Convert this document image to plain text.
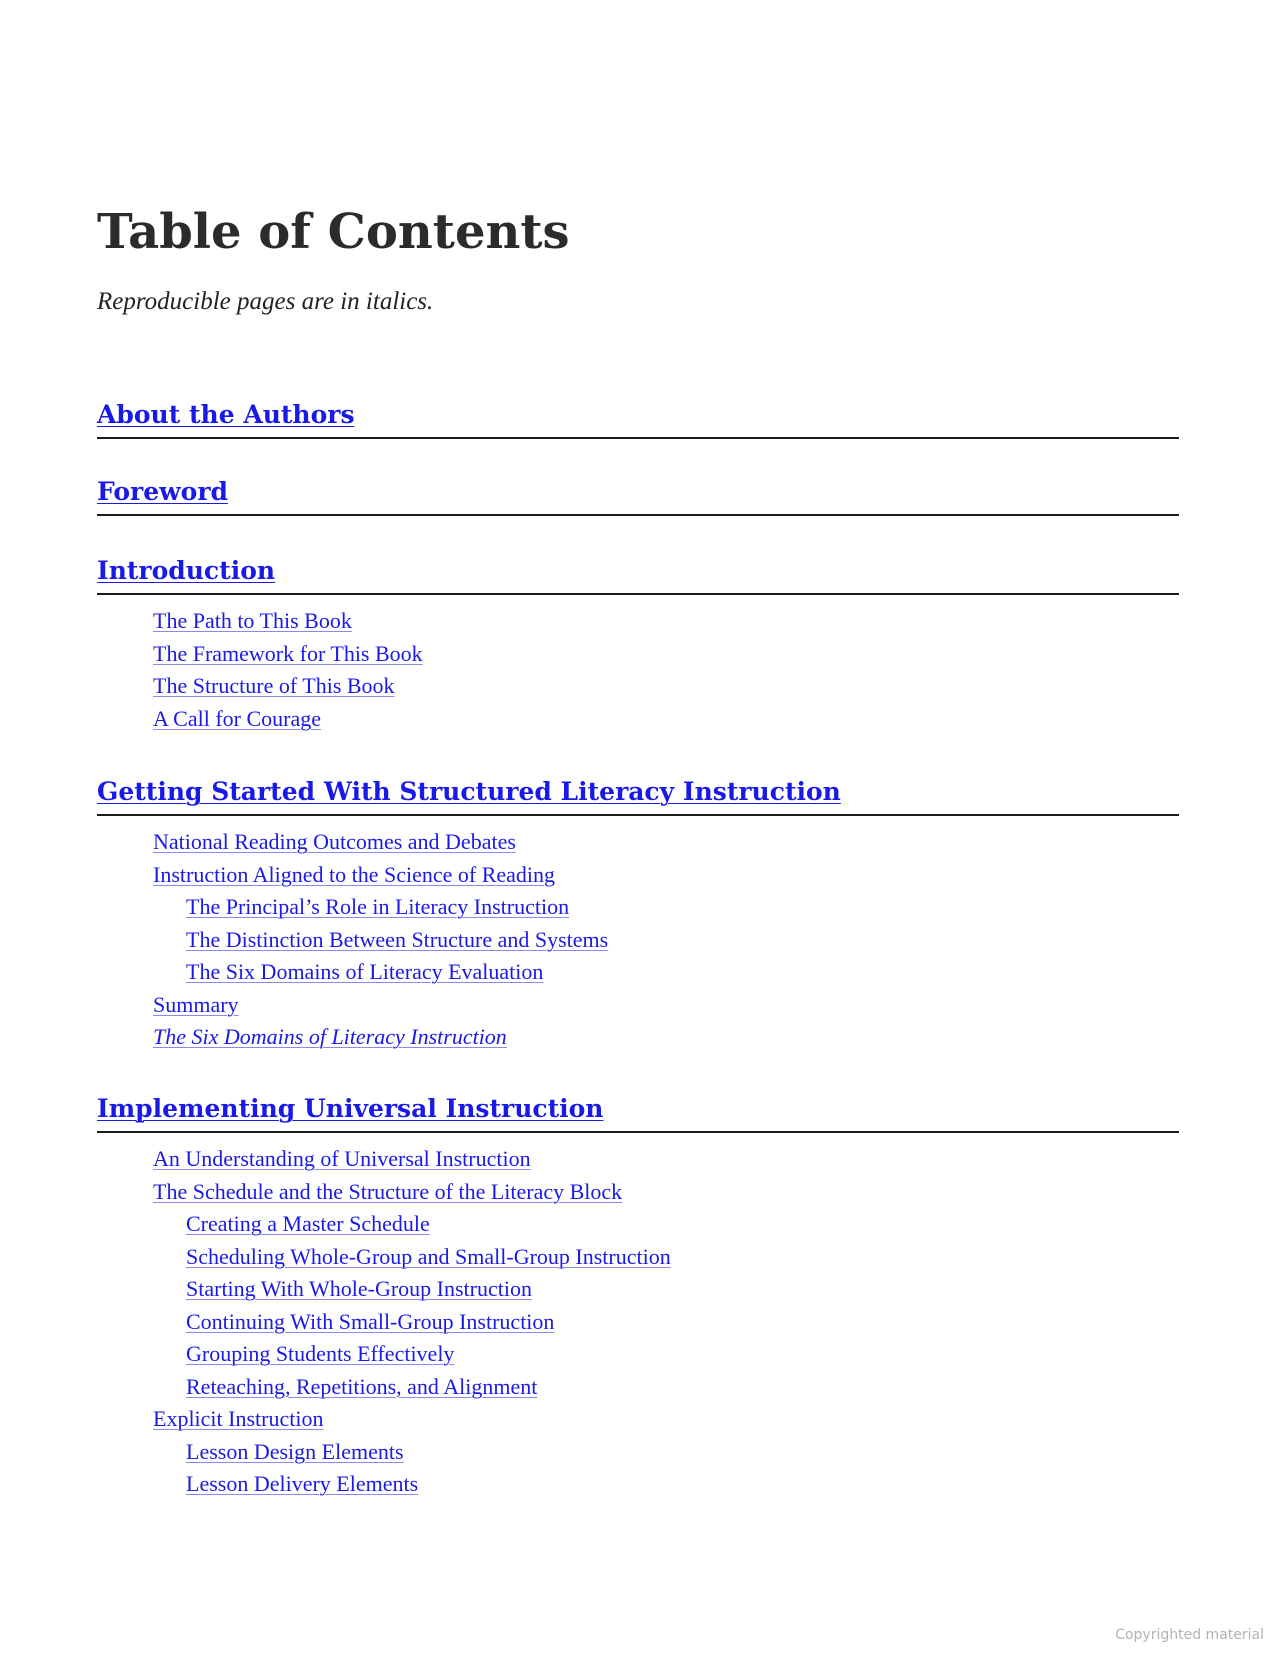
Table of Contents

Reproducible pages are in italics.

About the Authors
Foreword
Introduction
The Path to This Book
The Framework for This Book
The Structure of This Book
A Call for Courage
Getting Started With Structured Literacy Instruction
National Reading Outcomes and Debates
Instruction Aligned to the Science of Reading
The Principal’s Role in Literacy Instruction
The Distinction Between Structure and Systems
The Six Domains of Literacy Evaluation
Summary
The Six Domains of Literacy Instruction
Implementing Universal Instruction
An Understanding of Universal Instruction
The Schedule and the Structure of the Literacy Block
Creating a Master Schedule
Scheduling Whole-Group and Small-Group Instruction
Starting With Whole-Group Instruction
Continuing With Small-Group Instruction
Grouping Students Effectively
Reteaching, Repetitions, and Alignment
Explicit Instruction
Lesson Design Elements
Lesson Delivery Elements
Copyrighted material
